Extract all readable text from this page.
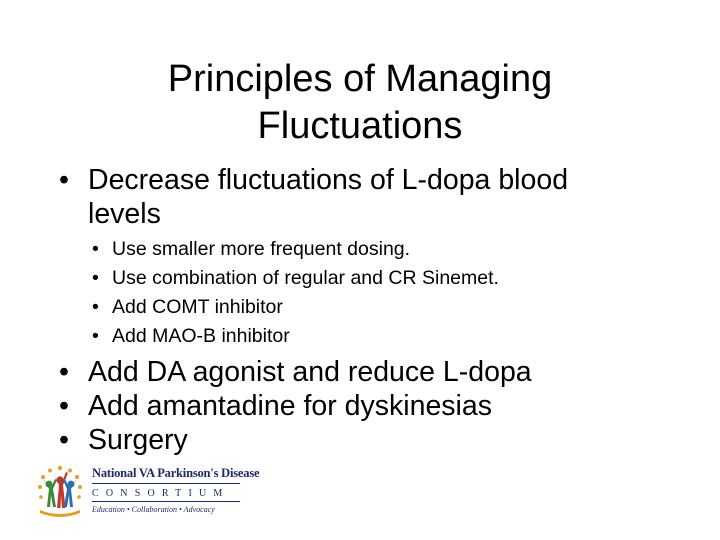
Principles of Managing
Fluctuations
• Decrease fluctuations of L-dopa blood
levels
• Use smaller more frequent dosing.
• Use combination of regular and CR Sinemet.
• Add COMT inhibitor
• Add MAO-B inhibitor
• Add DA agonist and reduce L-dopa
• Add amantadine for dyskinesias
• Surgery
National VA Parkinson's Disease
CONSORTIUM
Education • Collaboration • Advocacy
